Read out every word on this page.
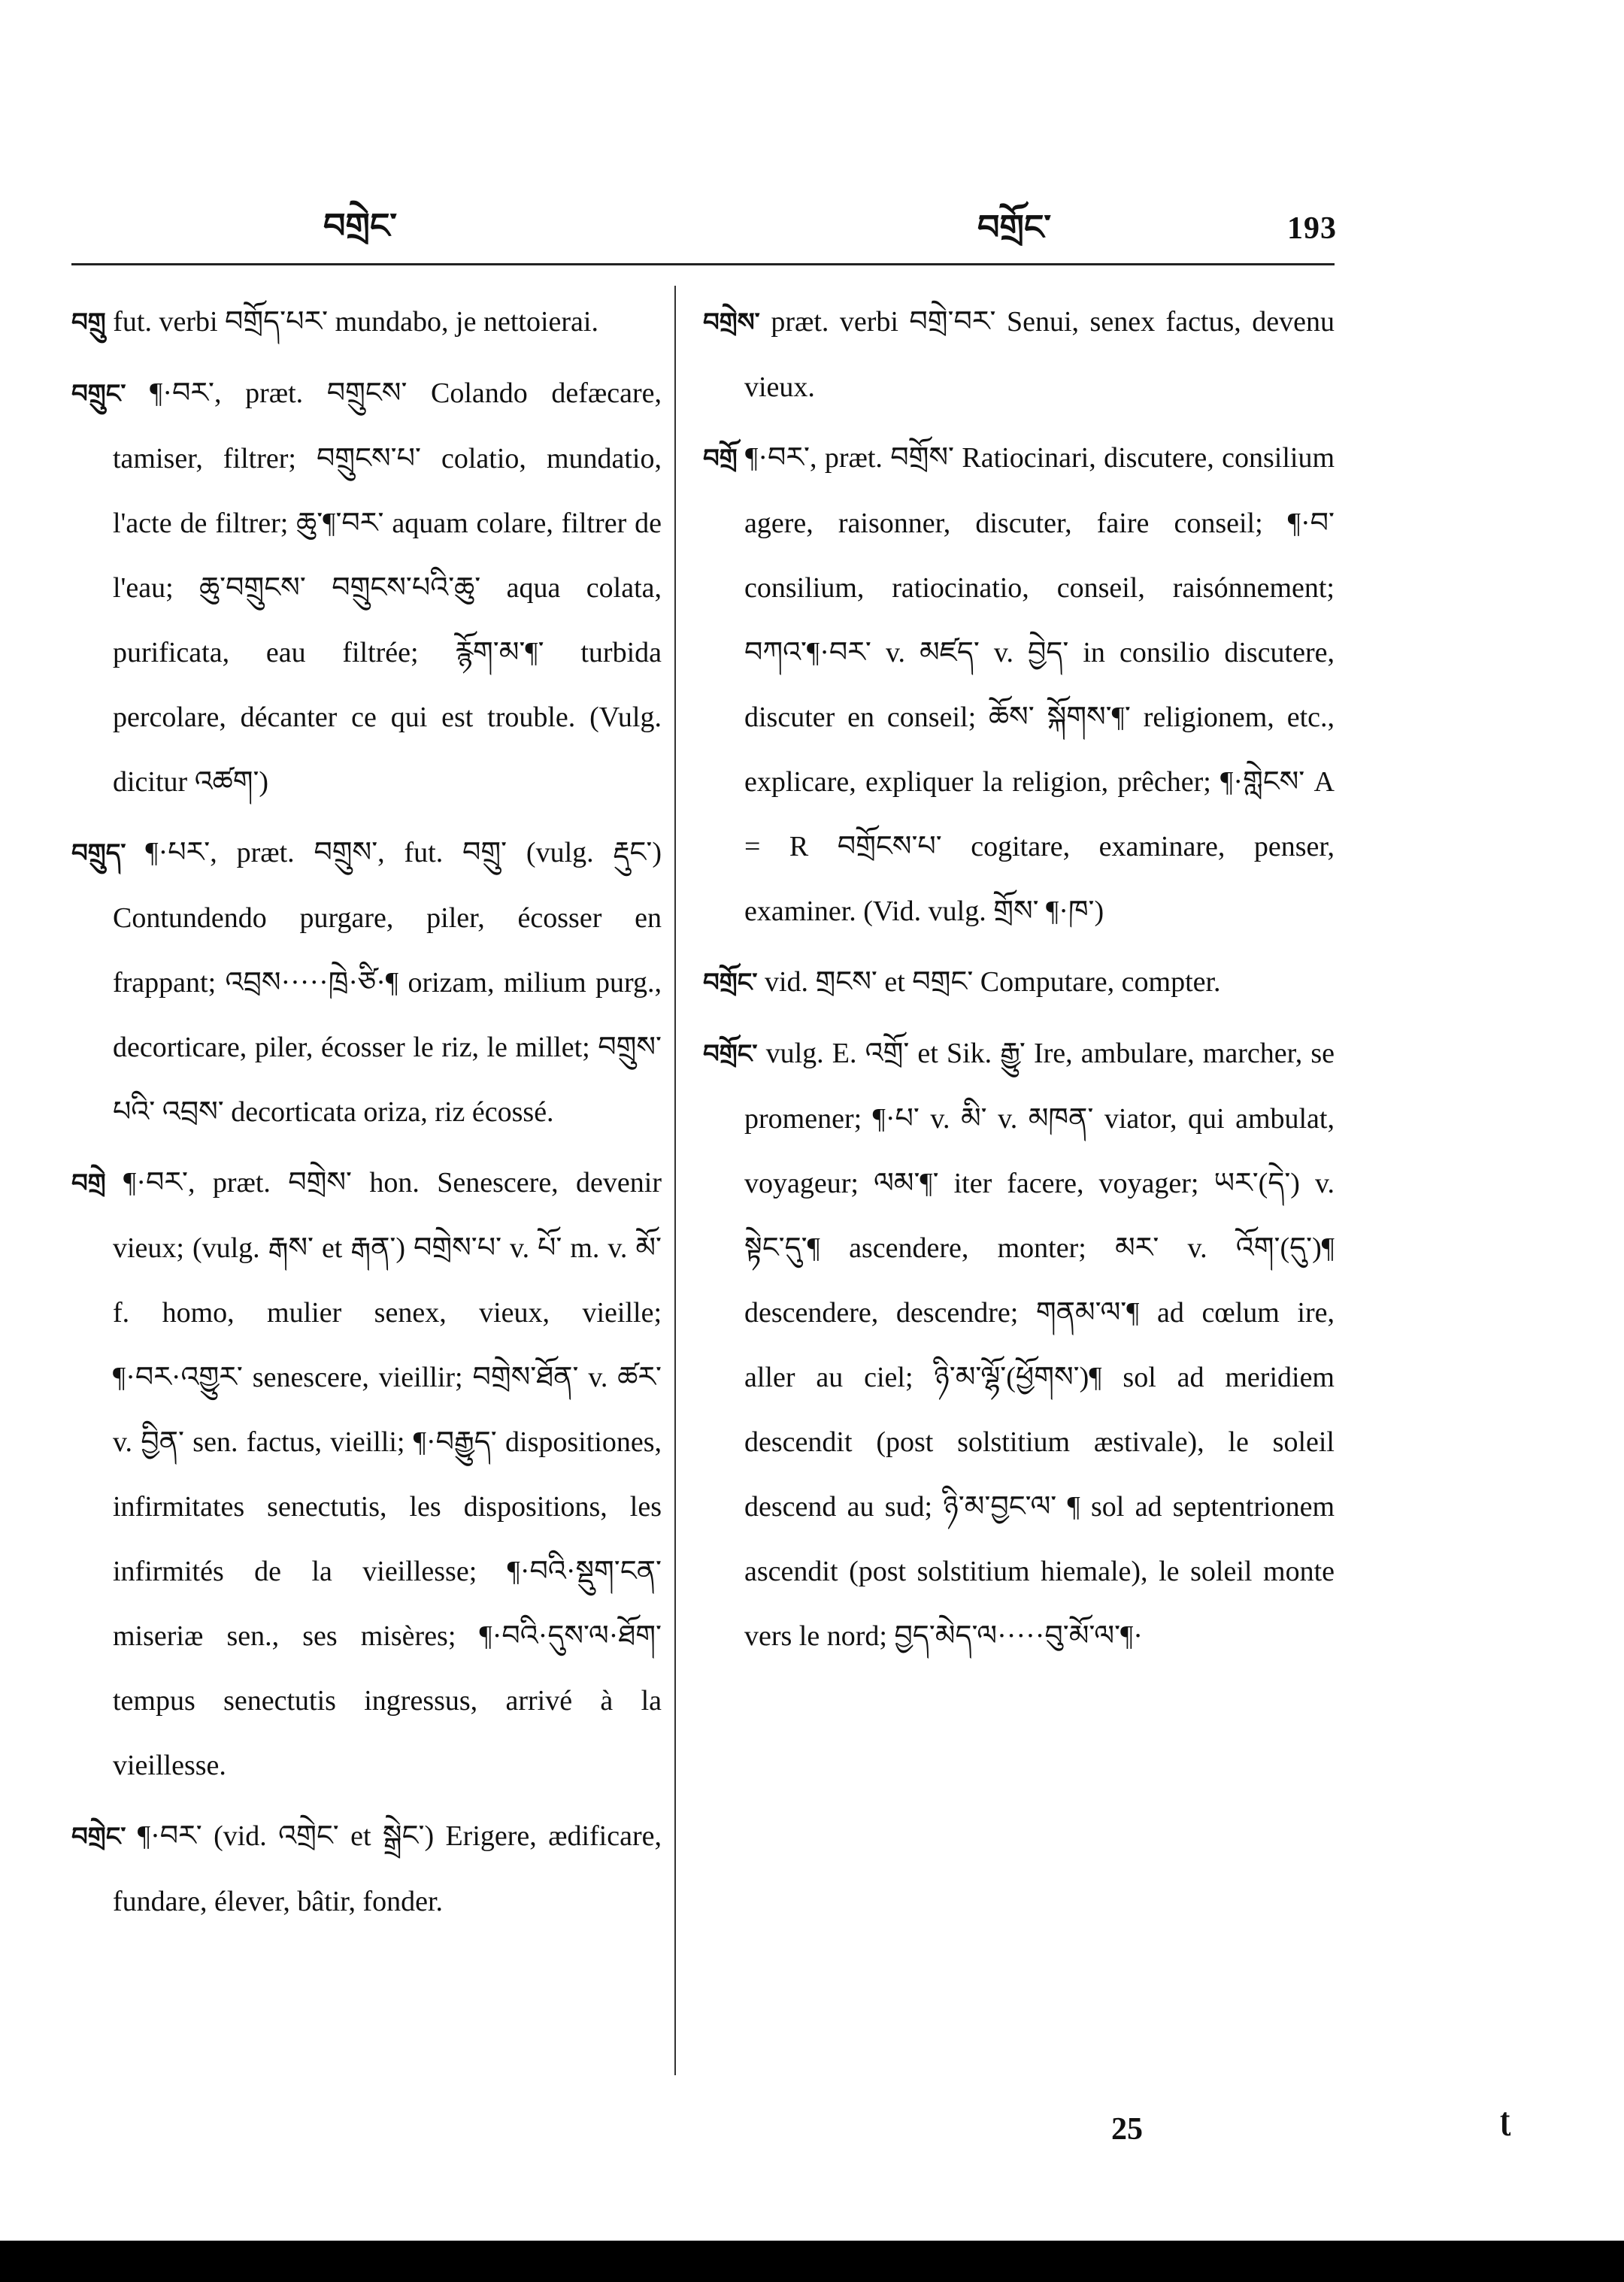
བགྲེང་	བགྲོང་	193

བགྲུ fut. verbi བགྲོད་པར་ mundabo, je nettoierai.

བགྲུང་ ¶·བར་, præt. བགྲུངས་ Colando defæcare, tamiser, filtrer; བགྲུངས་པ་ colatio, mundatio, l'acte de filtrer; ཆུ་¶་བར་ aquam colare, filtrer de l'eau; ཆུ་བགྲུངས་ བགྲུངས་པའི་ཆུ་ aqua colata, purificata, eau filtrée; རྙོག་མ་¶་ turbida percolare, décanter ce qui est trouble. (Vulg. dicitur འཚག་)

བགྲུད་ ¶·པར་, præt. བགྲུས་, fut. བགྲུ་ (vulg. རྡུང་) Contundendo purgare, piler, écosser en frappant; འབྲས·····ཁྲེ·ཙི·¶ orizam, milium purg., decorticare, piler, écosser le riz, le millet; བགྲུས་པའི་ འབྲས་ decorticata oriza, riz écossé.

བགྲེ ¶·བར་, præt. བགྲེས་ hon. Senescere, devenir vieux; (vulg. རྒས་ et རྒན་) བགྲེས་པ་ v. པོ་ m. v. མོ་ f. homo, mulier senex, vieux, vieille; ¶·བར·འགྱུར་ senescere, vieillir; བགྲེས་ཐོན་ v. ཚར་ v. བྱིན་ sen. factus, vieilli; ¶·བརྒྱུད་ dispositiones, infirmitates senectutis, les dispositions, les infirmités de la vieillesse; ¶·བའི·སྡུག་ངན་ miseriæ sen., ses misères; ¶·བའི·དུས་ལ·ཐོག་ tempus senectutis ingressus, arrivé à la vieillesse.

བགྲེང་ ¶·བར་ (vid. འགྲེང་ et སྒྲེང་) Erigere, ædificare, fundare, élever, bâtir, fonder.

བགྲེས་ præt. verbi བགྲེ་བར་ Senui, senex factus, devenu vieux.

བགྲོ ¶·བར་, præt. བགྲོས་ Ratiocinari, discutere, consilium agere, raisonner, discuter, faire conseil; ¶·བ་ consilium, ratiocinatio, conseil, raisónnement; བཀའ་¶·བར་ v. མཛད་ v. བྱེད་ in consilio discutere, discuter en conseil; ཆོས་ སྐོགས་¶་ religionem, etc., explicare, expliquer la religion, prêcher; ¶·གླེངས་ A = R བགྲོངས་པ་ cogitare, examinare, penser, examiner. (Vid. vulg. གྲོས་ ¶·ཁ་)

བགྲོང་ vid. གྲངས་ et བགྲང་ Computare, compter.

བགྲོང་ vulg. E. འགྲོ་ et Sik. རྒྱུ་ Ire, ambulare, marcher, se promener; ¶·པ་ v. མི་ v. མཁན་ viator, qui ambulat, voyageur; ལམ་¶་ iter facere, voyager; ཡར་(དེ་) v. སྟེང་དུ་¶ ascendere, monter; མར་ v. འོག་(དུ་)¶ descendere, descendre; གནམ་ལ་¶ ad cœlum ire, aller au ciel; ཉི་མ་ལྷོ་(ཕྱོགས་)¶ sol ad meridiem descendit (post solstitium æstivale), le soleil descend au sud; ཉི་མ་བྱང་ལ་ ¶ sol ad septentrionem ascendit (post solstitium hiemale), le soleil monte vers le nord; བྱད་མེད་ལ·····བུ་མོ་ལ་¶·

25	ʈ
